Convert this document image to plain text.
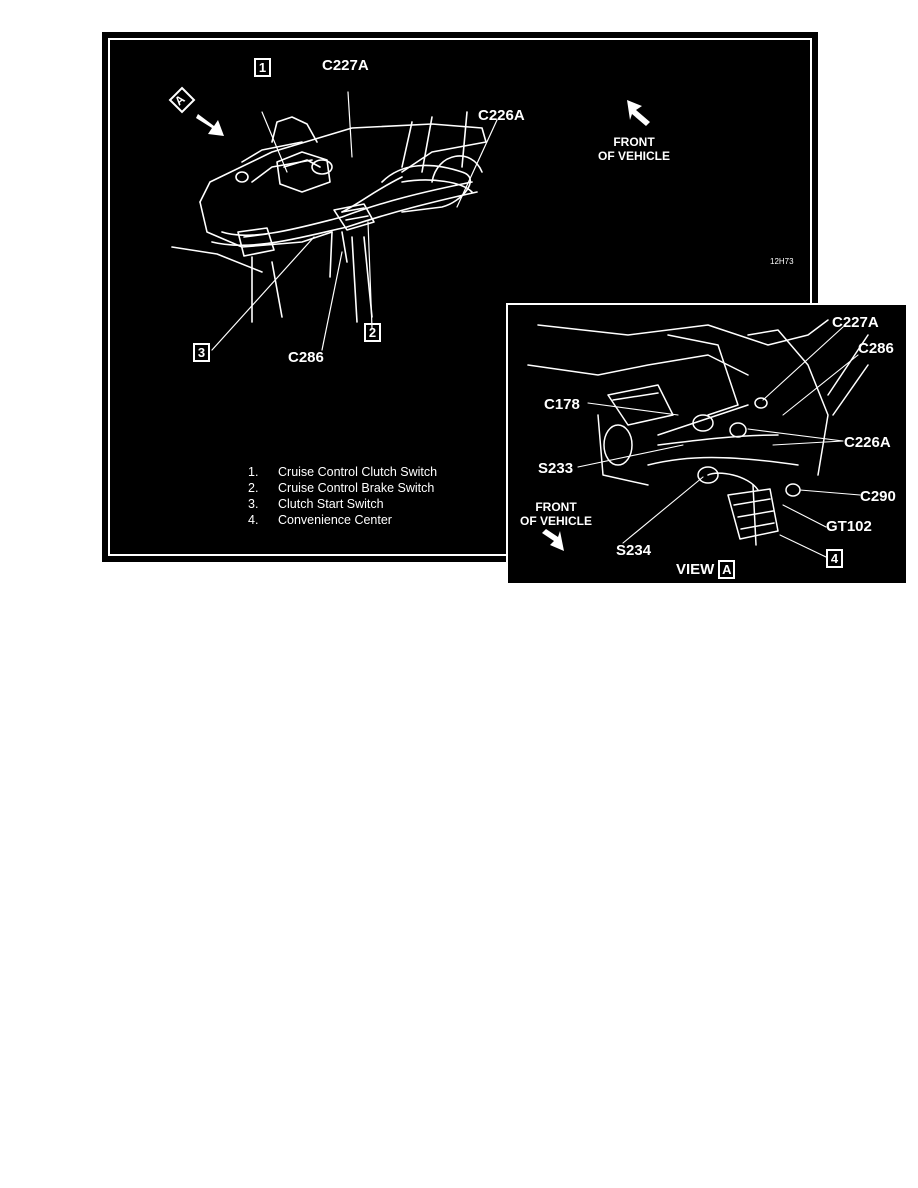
A
1	C227A
C226A
FRONT
OF VEHICLE
12H73
2
3	C286
1.	Cruise Control Clutch Switch
2.	Cruise Control Brake Switch
3.	Clutch Start Switch
4.	Convenience Center
C227A
C286
C178
C226A
S233
C290
GT102
FRONT
OF VEHICLE
S234	4
VIEW A
